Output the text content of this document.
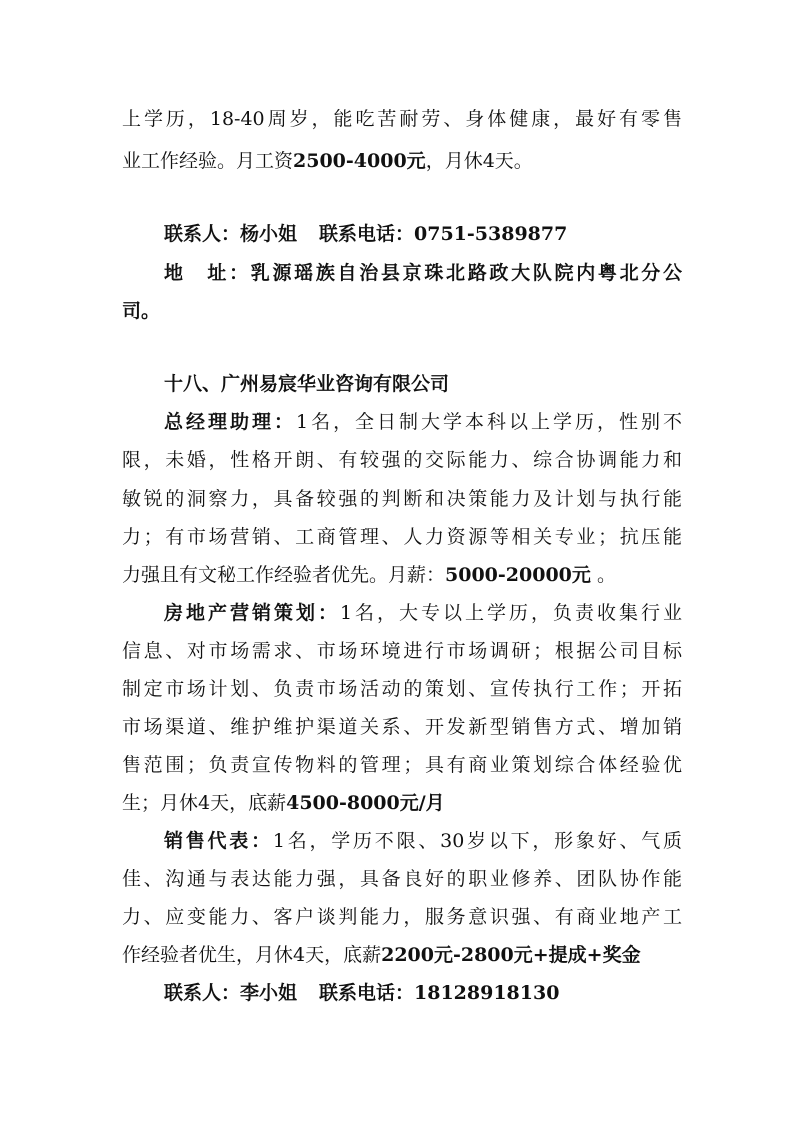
上学历，18-40周岁，能吃苦耐劳、身体健康，最好有零售
业工作经验。月工资2500-4000元，月休4天。
联系人：杨小姐 联系电话：0751-5389877
地　址：乳源瑶族自治县京珠北路政大队院内粤北分公
司。
十八、广州易宸华业咨询有限公司
总经理助理：1名，全日制大学本科以上学历，性别不
限，未婚，性格开朗、有较强的交际能力、综合协调能力和
敏锐的洞察力，具备较强的判断和决策能力及计划与执行能
力；有市场营销、工商管理、人力资源等相关专业；抗压能
力强且有文秘工作经验者优先。月薪：5000-20000元 。
房地产营销策划：1名，大专以上学历，负责收集行业
信息、对市场需求、市场环境进行市场调研；根据公司目标
制定市场计划、负责市场活动的策划、宣传执行工作；开拓
市场渠道、维护维护渠道关系、开发新型销售方式、增加销
售范围；负责宣传物料的管理；具有商业策划综合体经验优
生；月休4天，底薪4500-8000元/月
销售代表：1名，学历不限、30岁以下，形象好、气质
佳、沟通与表达能力强，具备良好的职业修养、团队协作能
力、应变能力、客户谈判能力，服务意识强、有商业地产工
作经验者优生，月休4天，底薪2200元-2800元+提成+奖金
联系人：李小姐 联系电话：18128918130
